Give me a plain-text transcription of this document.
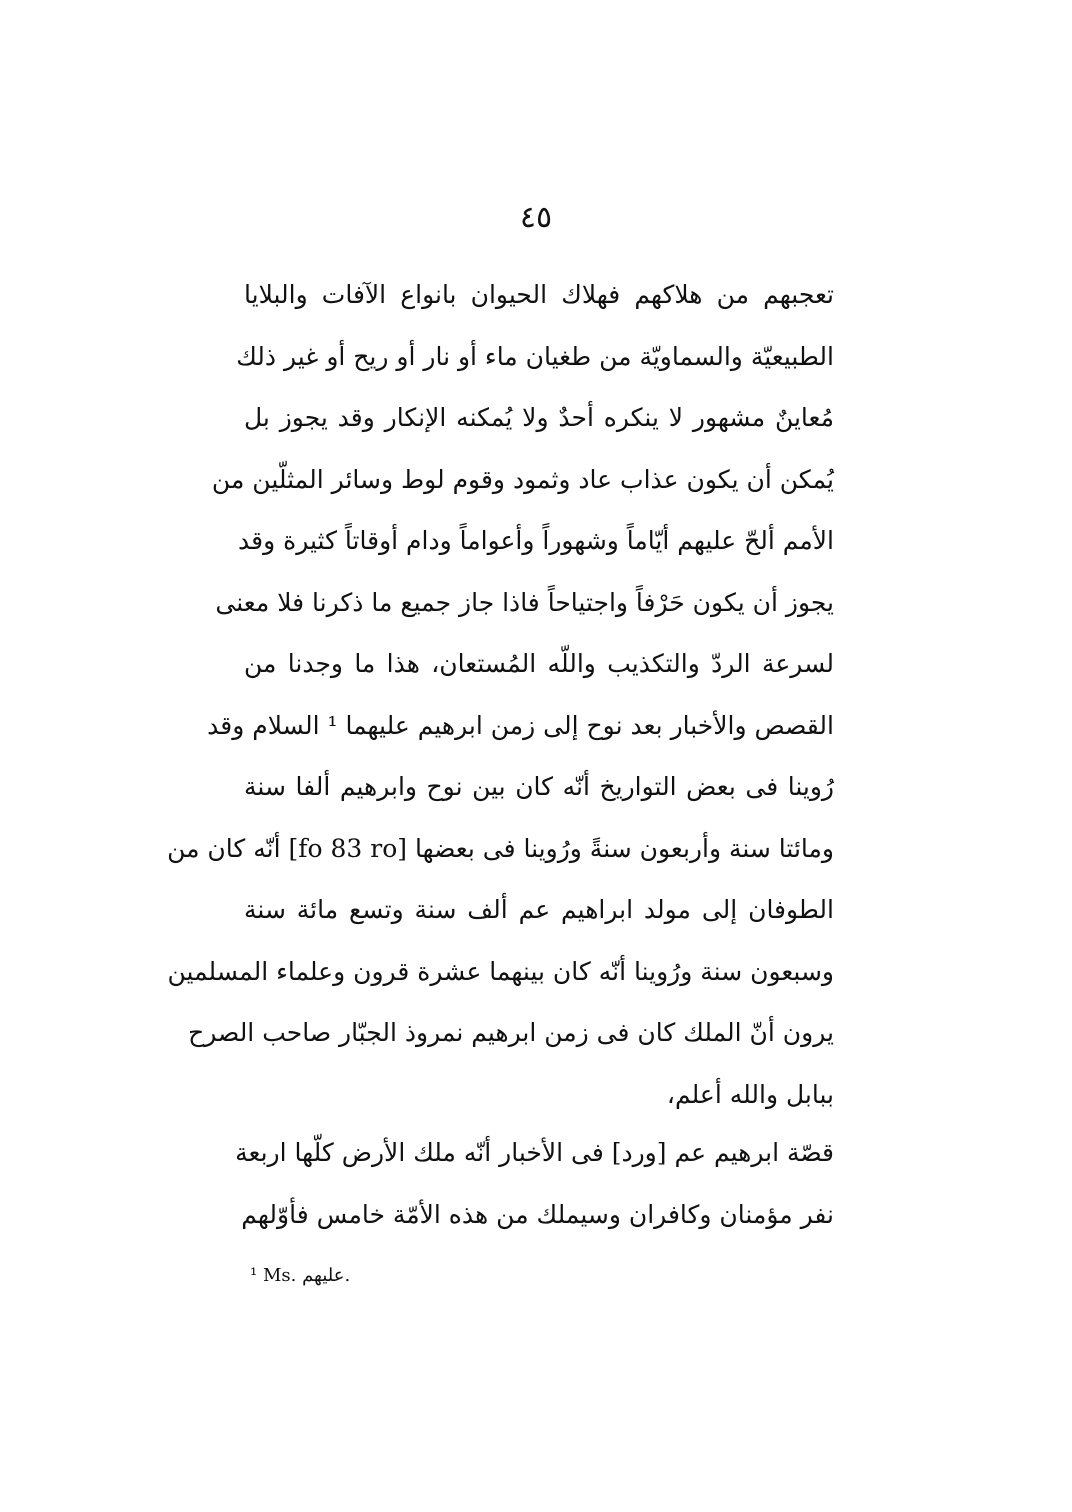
٤٥
تعجبهم من هلاكهم فهلاك الحيوان بانواع الآفات والبلايا
الطبيعيّة والسماويّة من طغيان ماء أو نار أو ريح أو غير ذلك
مُعاينٌ مشهور لا ينكره أحدٌ ولا يُمكنه الإنكار وقد يجوز بل
يُمكن أن يكون عذاب عاد وثمود وقوم لوط وسائر المثلّين من
الأمم ألحّ عليهم أيّاماً وشهوراً وأعواماً ودام أوقاتاً كثيرة وقد
يجوز أن يكون حَرْفاً واجتياحاً فاذا جاز جميع ما ذكرنا فلا معنى
لسرعة الردّ والتكذيب واللّه المُستعان، هذا ما وجدنا من
القصص والأخبار بعد نوح إلى زمن ابرهيم عليهما ¹ السلام وقد
رُوينا فى بعض التواريخ أنّه كان بين نوح وابرهيم ألفا سنة
ومائتا سنة وأربعون سنةً ورُوينا فى بعضها [fo 83 ro] أنّه كان من
الطوفان إلى مولد ابراهيم عم ألف سنة وتسع مائة سنة
وسبعون سنة ورُوينا أنّه كان بينهما عشرة قرون وعلماء المسلمين
يرون أنّ الملك كان فى زمن ابرهيم نمروذ الجبّار صاحب الصرح
ببابل والله أعلم،
قصّة ابرهيم عم [ورد] فى الأخبار أنّه ملك الأرض كلّها اربعة
نفر مؤمنان وكافران وسيملك من هذه الأمّة خامس فأوّلهم
¹ Ms. عليهم.
